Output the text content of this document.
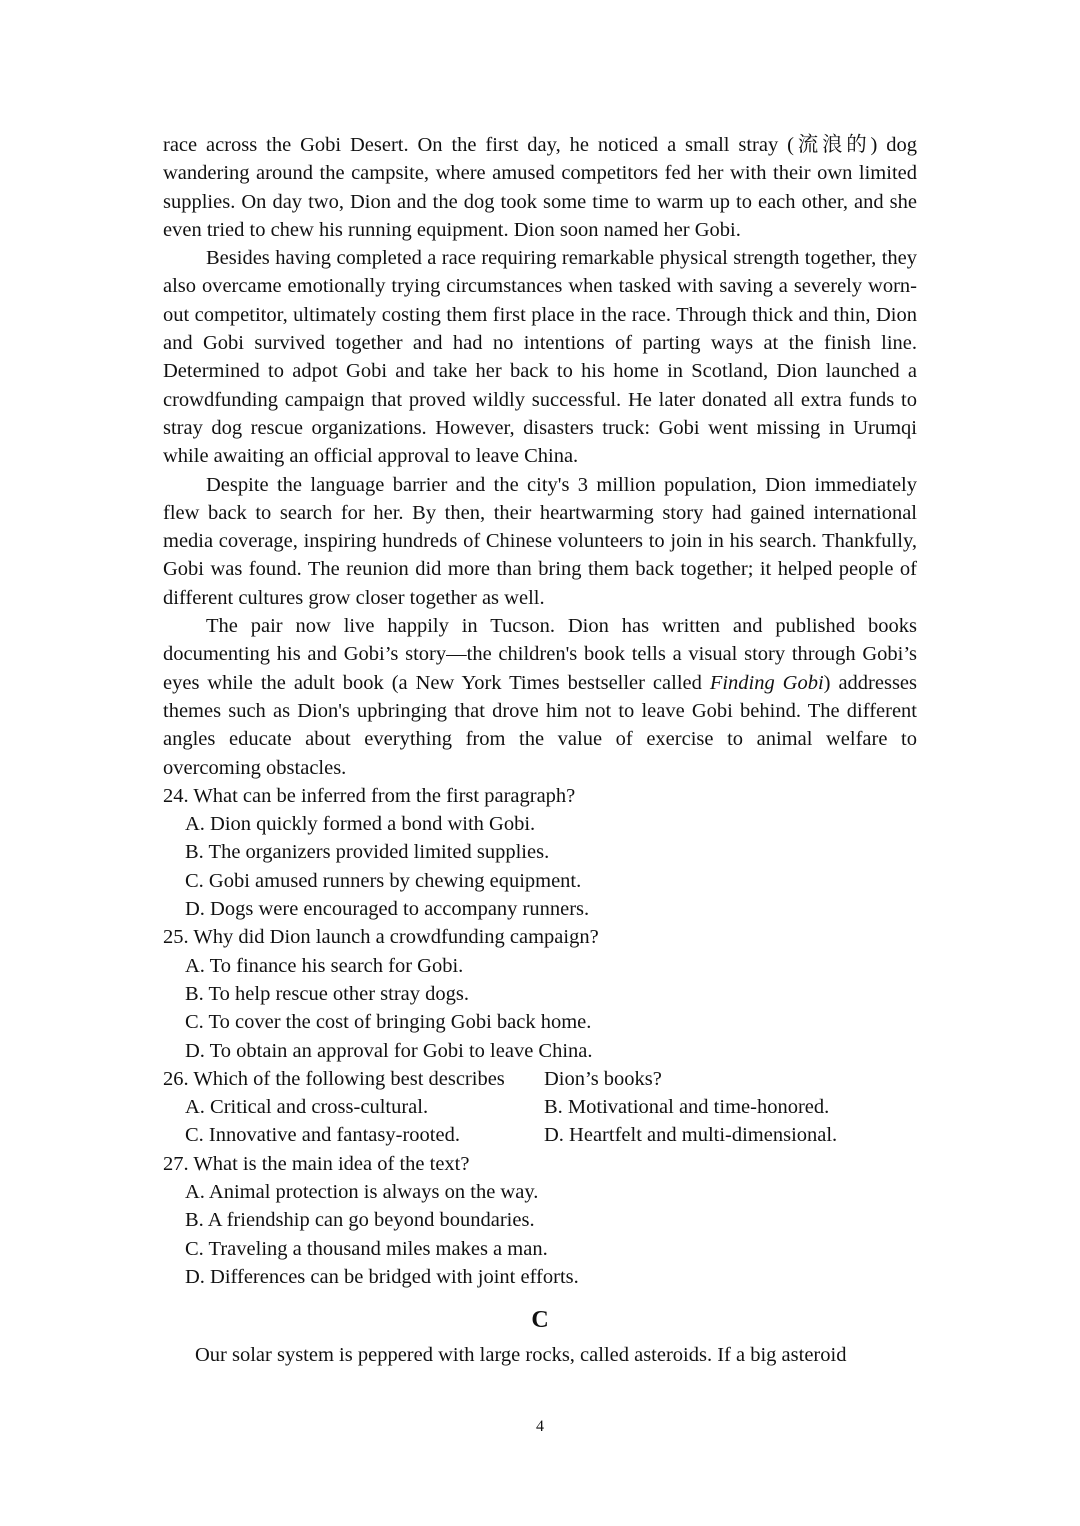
race across the Gobi Desert. On the first day, he noticed a small stray (流浪的) dog wandering around the campsite, where amused competitors fed her with their own limited supplies. On day two, Dion and the dog took some time to warm up to each other, and she even tried to chew his running equipment. Dion soon named her Gobi.

Besides having completed a race requiring remarkable physical strength together, they also overcame emotionally trying circumstances when tasked with saving a severely worn-out competitor, ultimately costing them first place in the race. Through thick and thin, Dion and Gobi survived together and had no intentions of parting ways at the finish line. Determined to adpot Gobi and take her back to his home in Scotland, Dion launched a crowdfunding campaign that proved wildly successful. He later donated all extra funds to stray dog rescue organizations. However, disasters truck: Gobi went missing in Urumqi while awaiting an official approval to leave China.

Despite the language barrier and the city's 3 million population, Dion immediately flew back to search for her. By then, their heartwarming story had gained international media coverage, inspiring hundreds of Chinese volunteers to join in his search. Thankfully, Gobi was found. The reunion did more than bring them back together; it helped people of different cultures grow closer together as well.

The pair now live happily in Tucson. Dion has written and published books documenting his and Gobi’s story—the children's book tells a visual story through Gobi’s eyes while the adult book (a New York Times bestseller called Finding Gobi) addresses themes such as Dion's upbringing that drove him not to leave Gobi behind. The different angles educate about everything from the value of exercise to animal welfare to overcoming obstacles.

24. What can be inferred from the first paragraph?

A. Dion quickly formed a bond with Gobi.

B. The organizers provided limited supplies.

C. Gobi amused runners by chewing equipment.

D. Dogs were encouraged to accompany runners.

25. Why did Dion launch a crowdfunding campaign?

A. To finance his search for Gobi.

B. To help rescue other stray dogs.

C. To cover the cost of bringing Gobi back home.

D. To obtain an approval for Gobi to leave China.

26. Which of the following best describes Dion’s books?

A. Critical and cross-cultural.	B. Motivational and time-honored.

C. Innovative and fantasy-rooted.	D. Heartfelt and multi-dimensional.

27. What is the main idea of the text?

A. Animal protection is always on the way.

B. A friendship can go beyond boundaries.

C. Traveling a thousand miles makes a man.

D. Differences can be bridged with joint efforts.

C

Our solar system is peppered with large rocks, called asteroids. If a big asteroid

4
